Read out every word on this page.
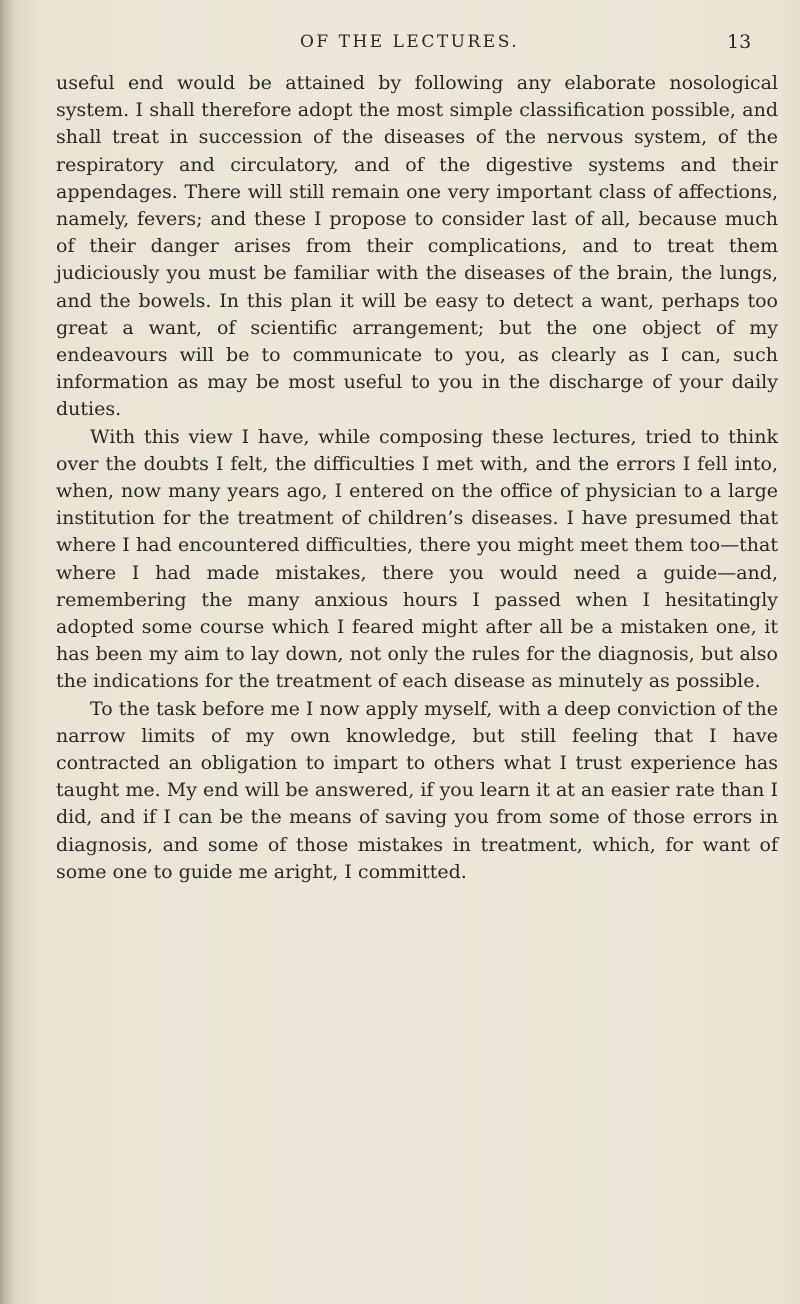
OF THE LECTURES.	13

useful end would be attained by following any elaborate nosological system. I shall therefore adopt the most simple classification possible, and shall treat in succession of the diseases of the nervous system, of the respiratory and circulatory, and of the digestive systems and their appendages. There will still remain one very important class of affections, namely, fevers; and these I propose to consider last of all, because much of their danger arises from their complications, and to treat them judiciously you must be familiar with the diseases of the brain, the lungs, and the bowels. In this plan it will be easy to detect a want, perhaps too great a want, of scientific arrangement; but the one object of my endeavours will be to communicate to you, as clearly as I can, such information as may be most useful to you in the discharge of your daily duties.

With this view I have, while composing these lectures, tried to think over the doubts I felt, the difficulties I met with, and the errors I fell into, when, now many years ago, I entered on the office of physician to a large institution for the treatment of children’s diseases. I have presumed that where I had encountered difficulties, there you might meet them too—that where I had made mistakes, there you would need a guide—and, remembering the many anxious hours I passed when I hesitatingly adopted some course which I feared might after all be a mistaken one, it has been my aim to lay down, not only the rules for the diagnosis, but also the indications for the treatment of each disease as minutely as possible.

To the task before me I now apply myself, with a deep conviction of the narrow limits of my own knowledge, but still feeling that I have contracted an obligation to impart to others what I trust experience has taught me. My end will be answered, if you learn it at an easier rate than I did, and if I can be the means of saving you from some of those errors in diagnosis, and some of those mistakes in treatment, which, for want of some one to guide me aright, I committed.
